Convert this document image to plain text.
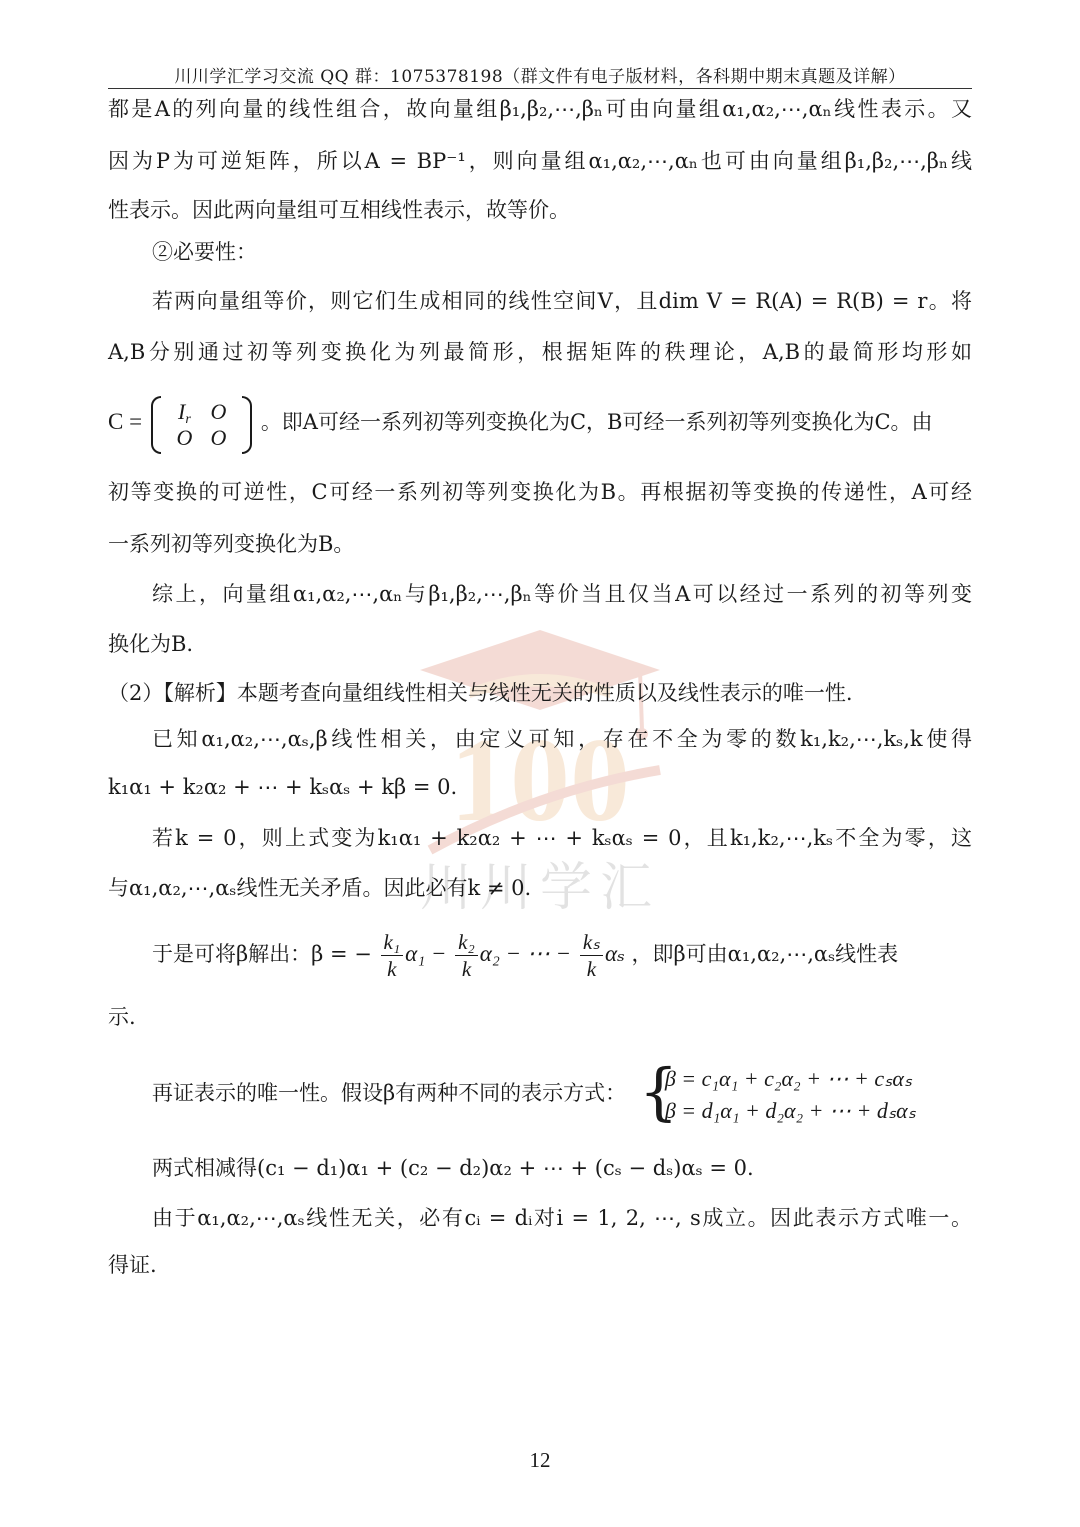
川川学汇学习交流 QQ 群：1075378198（群文件有电子版材料，各科期中期末真题及详解）
100
川川学汇
都是A的列向量的线性组合，故向量组β₁,β₂,⋯,βₙ可由向量组α₁,α₂,⋯,αₙ线性表示。又
因为P为可逆矩阵，所以A = BP⁻¹，则向量组α₁,α₂,⋯,αₙ也可由向量组β₁,β₂,⋯,βₙ线
性表示。因此两向量组可互相线性表示，故等价。
②必要性：
若两向量组等价，则它们生成相同的线性空间V，且dim V = R(A) = R(B) = r。将
A,B分别通过初等列变换化为列最简形，根据矩阵的秩理论，A,B的最简形均形如
C =	$I_r$ O
O O
。即A可经一系列初等列变换化为C，B可经一系列初等列变换化为C。由
初等变换的可逆性，C可经一系列初等列变换化为B。再根据初等变换的传递性，A可经
一系列初等列变换化为B。
综上，向量组α₁,α₂,⋯,αₙ与β₁,β₂,⋯,βₙ等价当且仅当A可以经过一系列的初等列变
换化为B.
（2）【解析】本题考查向量组线性相关与线性无关的性质以及线性表示的唯一性.
已知α₁,α₂,⋯,αₛ,β线性相关，由定义可知，存在不全为零的数k₁,k₂,⋯,kₛ,k使得
k₁α₁ + k₂α₂ + ⋯ + kₛαₛ + kβ = 0.
若k = 0，则上式变为k₁α₁ + k₂α₂ + ⋯ + kₛαₛ = 0，且k₁,k₂,⋯,kₛ不全为零，这
与α₁,α₂,⋯,αₛ线性无关矛盾。因此必有k ≠ 0.
于是可将β解出：β = − $\frac{\text{k₁}}{k} \alpha_1 - \frac{\text{k₂}}{k} \alpha_2$ − ⋯ − $\frac{\text{kₛ}}{k}$ αₛ ，即β可由α₁,α₂,⋯,αₛ线性表
示.
再证表示的唯一性。假设β有两种不同的表示方式： {
β = c₁α₁ + c₂α₂ + ⋯ + cₛαₛ
β = d₁α₁ + d₂α₂ + ⋯ + dₛαₛ
两式相减得(c₁ − d₁)α₁ + (c₂ − d₂)α₂ + ⋯ + (cₛ − dₛ)αₛ = 0.
由于α₁,α₂,⋯,αₛ线性无关，必有cᵢ = dᵢ对i = 1, 2, ⋯, s成立。因此表示方式唯一。
得证.
12
